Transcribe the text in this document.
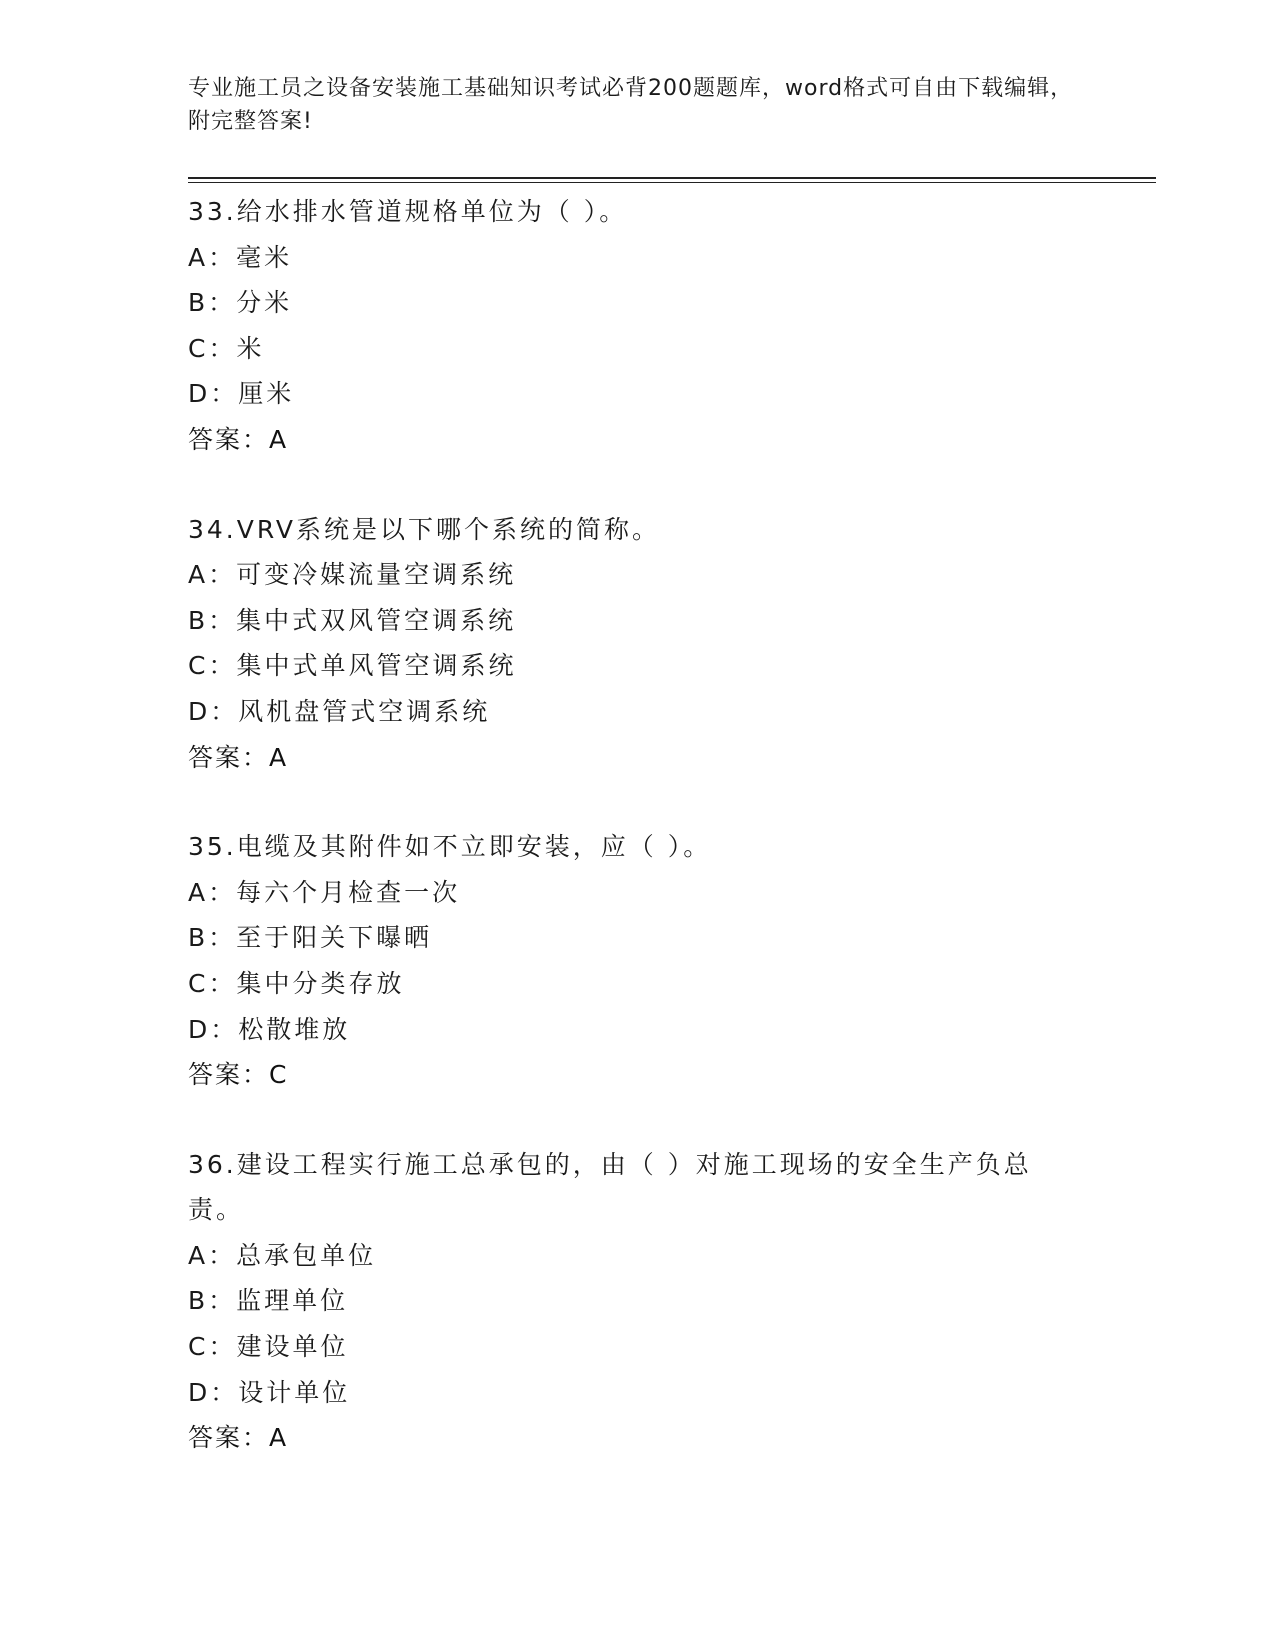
专业施工员之设备安装施工基础知识考试必背200题题库，word格式可自由下载编辑，附完整答案!
33.给水排水管道规格单位为（ ）。
A：毫米
B：分米
C：米
D：厘米
答案：A
34.VRV系统是以下哪个系统的简称。
A：可变冷媒流量空调系统
B：集中式双风管空调系统
C：集中式单风管空调系统
D：风机盘管式空调系统
答案：A
35.电缆及其附件如不立即安装，应（ ）。
A：每六个月检查一次
B：至于阳关下曝晒
C：集中分类存放
D：松散堆放
答案：C
36.建设工程实行施工总承包的，由（ ）对施工现场的安全生产负总责。
A：总承包单位
B：监理单位
C：建设单位
D：设计单位
答案：A
